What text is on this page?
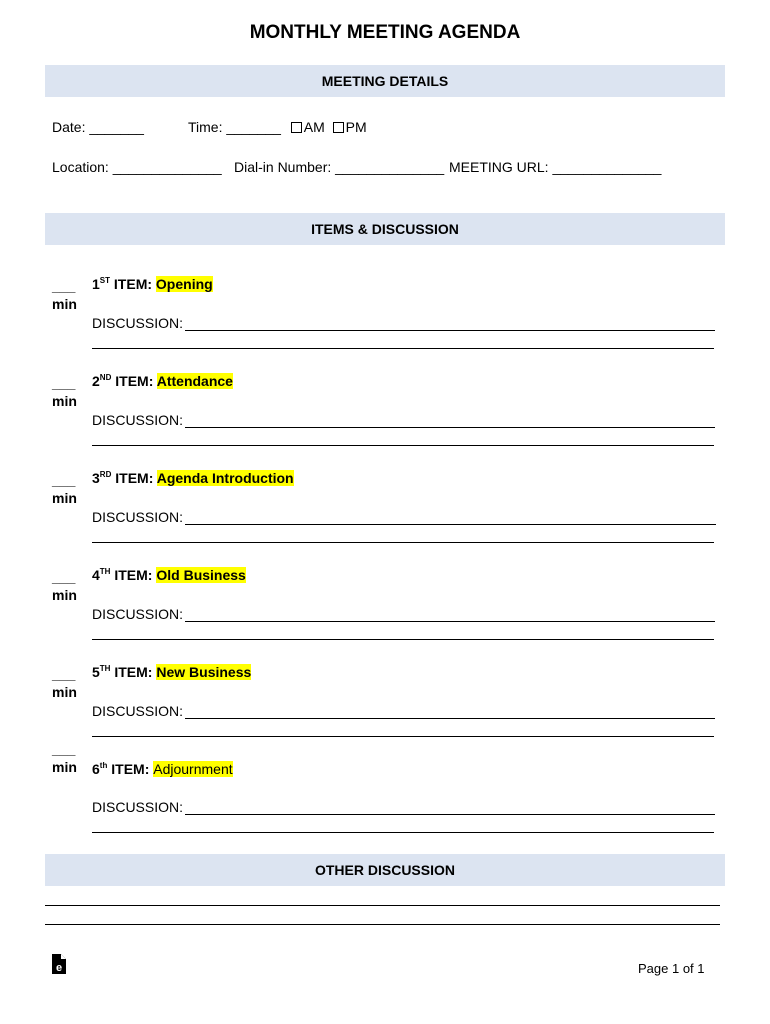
MONTHLY MEETING AGENDA
MEETING DETAILS
Date: _______	Time: _______ AM PM
Location: ______________ Dial-in Number: ______________ MEETING URL: ______________
ITEMS & DISCUSSION
___
min
1ST ITEM: Opening
DISCUSSION:
___
min
2ND ITEM: Attendance
DISCUSSION:
___
min
3RD ITEM: Agenda Introduction
DISCUSSION:
___
min
4TH ITEM: Old Business
DISCUSSION:
___
min
5TH ITEM: New Business
DISCUSSION:
___
min 6th ITEM: Adjournment
DISCUSSION:
OTHER DISCUSSION
e	Page 1 of 1
